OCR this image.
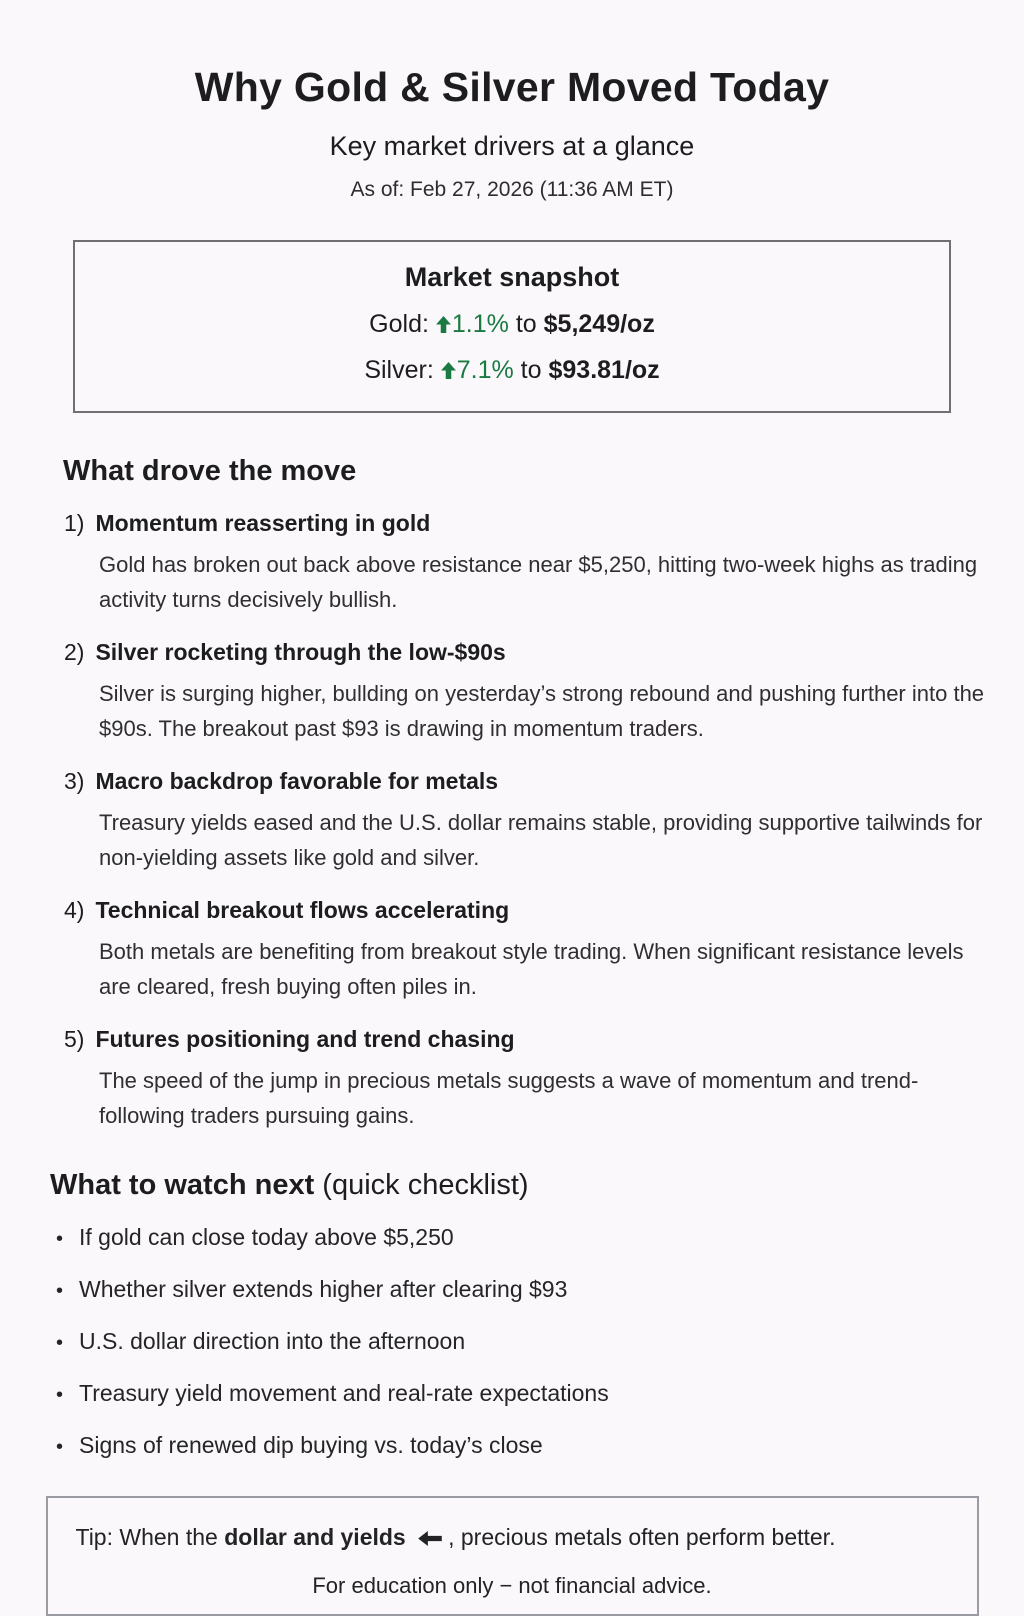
Why Gold & Silver Moved Today
Key market drivers at a glance
As of: Feb 27, 2026 (11:36 AM ET)
Market snapshot
Gold: 1.1% to $5,249/oz
Silver: 7.1% to $93.81/oz
What drove the move
1) Momentum reasserting in gold
Gold has broken out back above resistance near $5,250, hitting two-week highs as trading activity turns decisively bullish.
2) Silver rocketing through the low-$90s
Silver is surging higher, bullding on yesterday’s strong rebound and pushing further into the $90s. The breakout past $93 is drawing in momentum traders.
3) Macro backdrop favorable for metals
Treasury yields eased and the U.S. dollar remains stable, providing supportive tailwinds for non-yielding assets like gold and silver.
4) Technical breakout flows accelerating
Both metals are benefiting from breakout style trading. When significant resistance levels are cleared, fresh buying often piles in.
5) Futures positioning and trend chasing
The speed of the jump in precious metals suggests a wave of momentum and trend-following traders pursuing gains.
What to watch next (quick checklist)
• If gold can close today above $5,250
• Whether silver extends higher after clearing $93
• U.S. dollar direction into the afternoon
• Treasury yield movement and real-rate expectations
• Signs of renewed dip buying vs. today’s close
Tip: When the dollar and yields , precious metals often perform better.
For education only − not financial advice.
